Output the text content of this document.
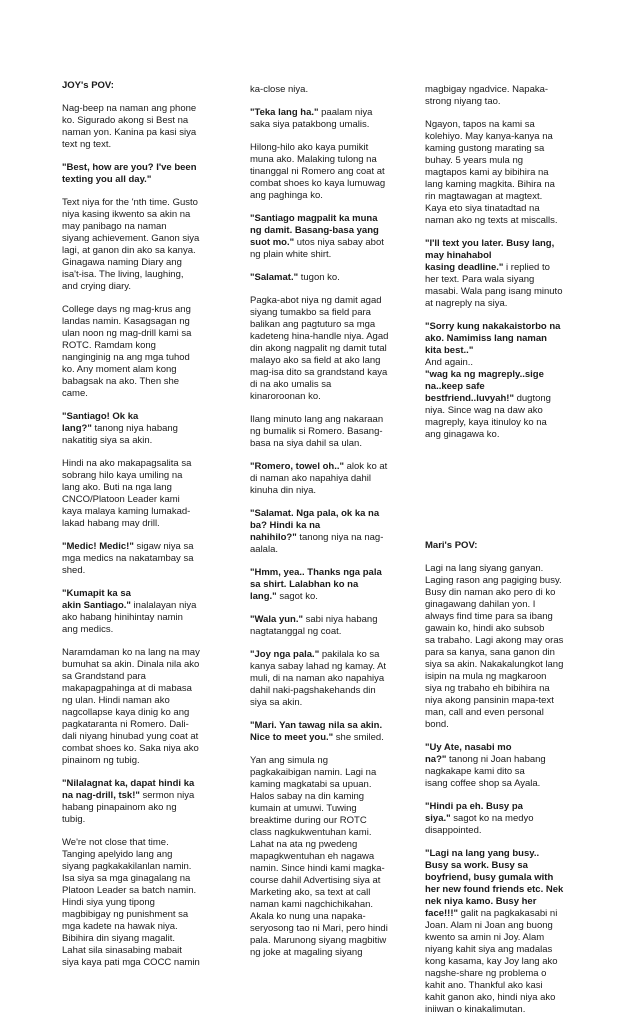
JOY's POV:

Nag-beep na naman ang phone
ko. Sigurado akong si Best na
naman yon. Kanina pa kasi siya
text ng text.

"Best, how are you? I've been
texting you all day."

Text niya for the 'nth time. Gusto
niya kasing ikwento sa akin na
may panibago na naman
siyang achievement. Ganon siya
lagi, at ganon din ako sa kanya.
Ginagawa naming Diary ang
isa't-isa. The living, laughing,
and crying diary.

College days ng mag-krus ang
landas namin. Kasagsagan ng
ulan noon ng mag-drill kami sa
ROTC. Ramdam kong
nanginginig na ang mga tuhod
ko. Any moment alam kong
babagsak na ako. Then she
came.

"Santiago! Ok ka
lang?" tanong niya habang
nakatitig siya sa akin.

Hindi na ako makapagsalita sa
sobrang hilo kaya umiling na
lang ako. Buti na nga lang
CNCO/Platoon Leader kami
kaya malaya kaming lumakad-
lakad habang may drill.

"Medic! Medic!" sigaw niya sa
mga medics na nakatambay sa
shed.

"Kumapit ka sa
akin Santiago." inalalayan niya
ako habang hinihintay namin
ang medics.

Naramdaman ko na lang na may
bumuhat sa akin. Dinala nila ako
sa Grandstand para
makapagpahinga at di mabasa
ng ulan. Hindi naman ako
nagcollapse kaya dinig ko ang
pagkataranta ni Romero. Dali-
dali niyang hinubad yung coat at
combat shoes ko. Saka niya ako
pinainom ng tubig.

"Nilalagnat ka, dapat hindi ka
na nag-drill, tsk!" sermon niya
habang pinapainom ako ng
tubig.

We're not close that time.
Tanging apelyido lang ang
siyang pagkakakilanlan namin.
Isa siya sa mga ginagalang na
Platoon Leader sa batch namin.
Hindi siya yung tipong
magbibigay ng punishment sa
mga kadete na hawak niya.
Bibihira din siyang magalit.
Lahat sila sinasabing mabait
siya kaya pati mga COCC namin

ka-close niya.

"Teka lang ha." paalam niya
saka siya patakbong umalis.

Hilong-hilo ako kaya pumikit
muna ako. Malaking tulong na
tinanggal ni Romero ang coat at
combat shoes ko kaya lumuwag
ang paghinga ko.

"Santiago magpalit ka muna
ng damit. Basang-basa yang
suot mo." utos niya sabay abot
ng plain white shirt.

"Salamat." tugon ko.

Pagka-abot niya ng damit agad
siyang tumakbo sa field para
balikan ang pagtuturo sa mga
kadeteng hina-handle niya. Agad
din akong nagpalit ng damit tutal
malayo ako sa field at ako lang
mag-isa dito sa grandstand kaya
di na ako umalis sa
kinaroroonan ko.

Ilang minuto lang ang nakaraan
ng bumalik si Romero. Basang-
basa na siya dahil sa ulan.

"Romero, towel oh.." alok ko at
di naman ako napahiya dahil
kinuha din niya.

"Salamat. Nga pala, ok ka na
ba? Hindi ka na
nahihilo?" tanong niya na nag-
aalala.

"Hmm, yea.. Thanks nga pala
sa shirt. Lalabhan ko na
lang." sagot ko.

"Wala yun." sabi niya habang
nagtatanggal ng coat.

"Joy nga pala." pakilala ko sa
kanya sabay lahad ng kamay. At
muli, di na naman ako napahiya
dahil naki-pagshakehands din
siya sa akin.

"Mari. Yan tawag nila sa akin.
Nice to meet you." she smiled.

Yan ang simula ng
pagkakaibigan namin. Lagi na
kaming magkatabi sa upuan.
Halos sabay na din kaming
kumain at umuwi. Tuwing
breaktime during our ROTC
class nagkukwentuhan kami.
Lahat na ata ng pwedeng
mapagkwentuhan eh nagawa
namin. Since hindi kami magka-
course dahil Advertising siya at
Marketing ako, sa text at call
naman kami nagchichikahan.
Akala ko nung una napaka-
seryosong tao ni Mari, pero hindi
pala. Marunong siyang magbitiw
ng joke at magaling siyang

magbigay ngadvice. Napaka-
strong niyang tao.

Ngayon, tapos na kami sa
kolehiyo. May kanya-kanya na
kaming gustong marating sa
buhay. 5 years mula ng
magtapos kami ay bibihira na
lang kaming magkita. Bihira na
rin magtawagan at magtext.
Kaya eto siya tinatadtad na
naman ako ng texts at miscalls.

"I'll text you later. Busy lang,
may hinahabol
kasing deadline." i replied to
her text. Para wala siyang
masabi. Wala pang isang minuto
at nagreply na siya.

"Sorry kung nakakaistorbo na
ako. Namimiss lang naman
kita best.."
And again..
"wag ka ng magreply..sige
na..keep safe
bestfriend..luvyah!" dugtong
niya. Since wag na daw ako
magreply, kaya itinuloy ko na
ang ginagawa ko.

Mari's POV:

Lagi na lang siyang ganyan.
Laging rason ang pagiging busy.
Busy din naman ako pero di ko
ginagawang dahilan yon. I
always find time para sa ibang
gawain ko, hindi ako subsob
sa trabaho. Lagi akong may oras
para sa kanya, sana ganon din
siya sa akin. Nakakalungkot lang
isipin na mula ng magkaroon
siya ng trabaho eh bibihira na
niya akong pansinin mapa-text
man, call and even personal
bond.

"Uy Ate, nasabi mo
na?" tanong ni Joan habang
nagkakape kami dito sa
isang coffee shop sa Ayala.

"Hindi pa eh. Busy pa
siya." sagot ko na medyo
disappointed.

"Lagi na lang yang busy..
Busy sa work. Busy sa
boyfriend, busy gumala with
her new found friends etc. Nek
nek niya kamo. Busy her
face!!!" galit na pagkakasabi ni
Joan. Alam ni Joan ang buong
kwento sa amin ni Joy. Alam
niyang kahit siya ang madalas
kong kasama, kay Joy lang ako
nagshe-share ng problema o
kahit ano. Thankful ako kasi
kahit ganon ako, hindi niya ako
iniiwan o kinakalimutan.
